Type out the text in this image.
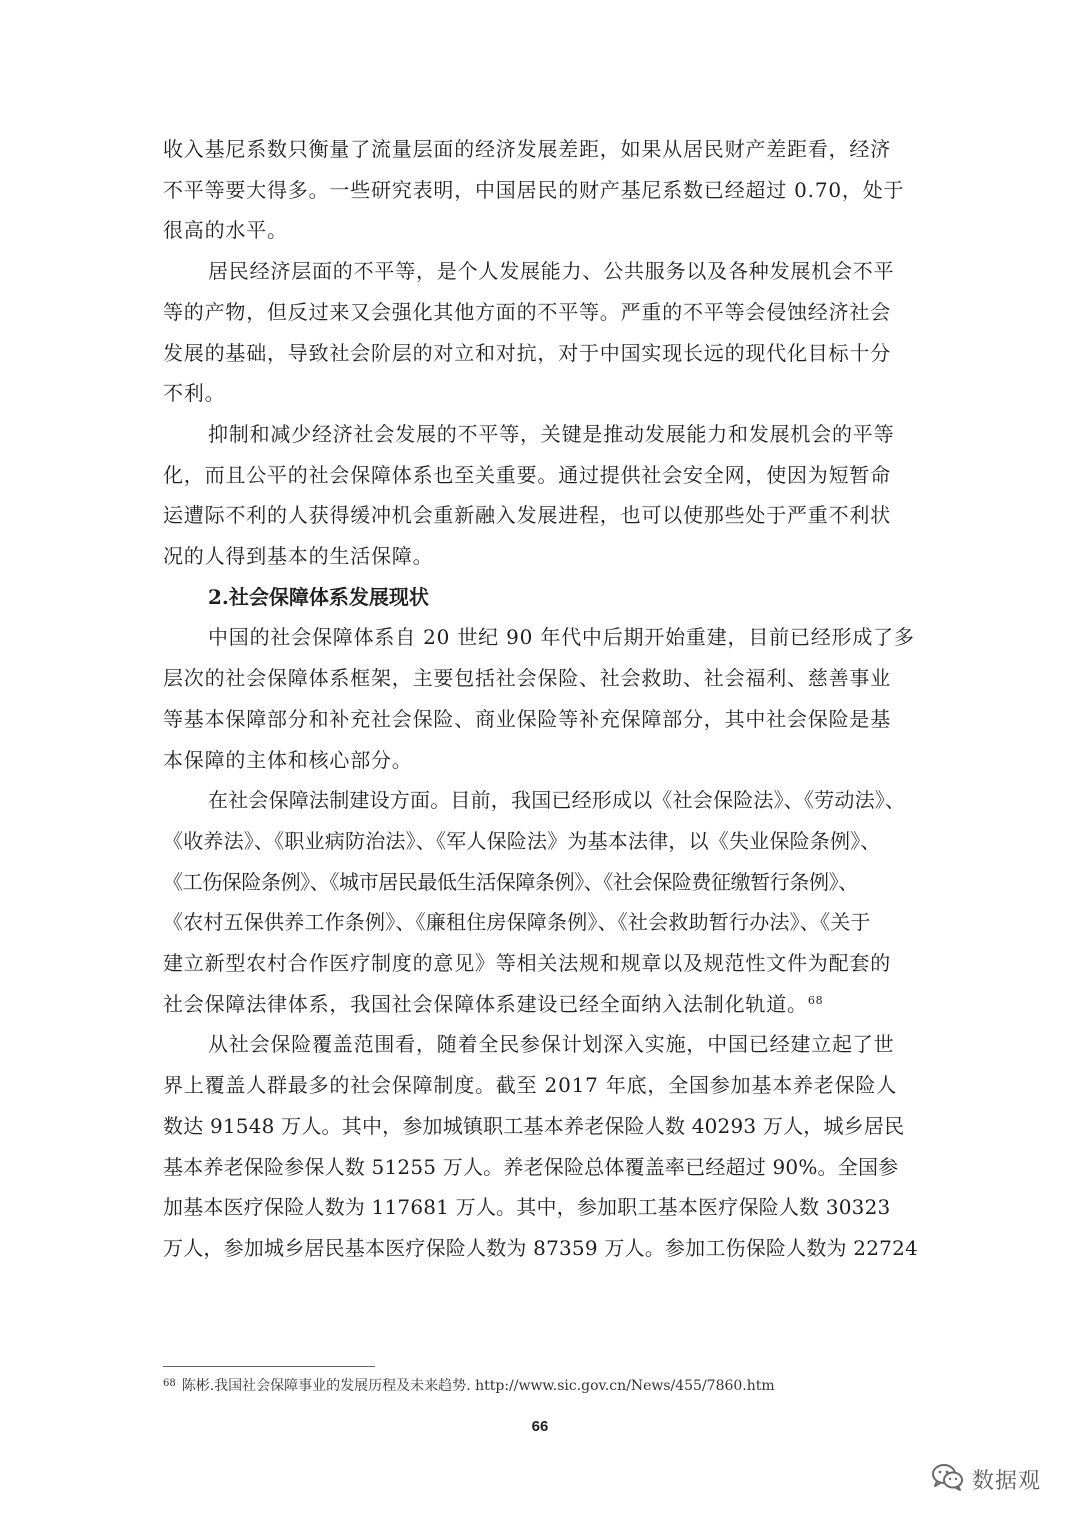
收入基尼系数只衡量了流量层面的经济发展差距，如果从居民财产差距看，经济
不平等要大得多。一些研究表明，中国居民的财产基尼系数已经超过 0.70，处于
很高的水平。
居民经济层面的不平等，是个人发展能力、公共服务以及各种发展机会不平
等的产物，但反过来又会强化其他方面的不平等。严重的不平等会侵蚀经济社会
发展的基础，导致社会阶层的对立和对抗，对于中国实现长远的现代化目标十分
不利。
抑制和减少经济社会发展的不平等，关键是推动发展能力和发展机会的平等
化，而且公平的社会保障体系也至关重要。通过提供社会安全网，使因为短暂命
运遭际不利的人获得缓冲机会重新融入发展进程，也可以使那些处于严重不利状
况的人得到基本的生活保障。
2.社会保障体系发展现状
中国的社会保障体系自 20 世纪 90 年代中后期开始重建，目前已经形成了多
层次的社会保障体系框架，主要包括社会保险、社会救助、社会福利、慈善事业
等基本保障部分和补充社会保险、商业保险等补充保障部分，其中社会保险是基
本保障的主体和核心部分。
在社会保障法制建设方面。目前，我国已经形成以《社会保险法》、《劳动法》、
《收养法》、《职业病防治法》、《军人保险法》为基本法律，以《失业保险条例》、
《工伤保险条例》、《城市居民最低生活保障条例》、《社会保险费征缴暂行条例》、
《农村五保供养工作条例》、《廉租住房保障条例》、《社会救助暂行办法》、《关于
建立新型农村合作医疗制度的意见》等相关法规和规章以及规范性文件为配套的
社会保障法律体系，我国社会保障体系建设已经全面纳入法制化轨道。$^{68}$
从社会保险覆盖范围看，随着全民参保计划深入实施，中国已经建立起了世
界上覆盖人群最多的社会保障制度。截至 2017 年底，全国参加基本养老保险人
数达 91548 万人。其中，参加城镇职工基本养老保险人数 40293 万人，城乡居民
基本养老保险参保人数 51255 万人。养老保险总体覆盖率已经超过 90%。全国参
加基本医疗保险人数为 117681 万人。其中，参加职工基本医疗保险人数 30323
万人，参加城乡居民基本医疗保险人数为 87359 万人。参加工伤保险人数为 22724
$^{68}$ 陈彬.我国社会保障事业的发展历程及未来趋势. http://www.sic.gov.cn/News/455/7860.htm
66
数据观
